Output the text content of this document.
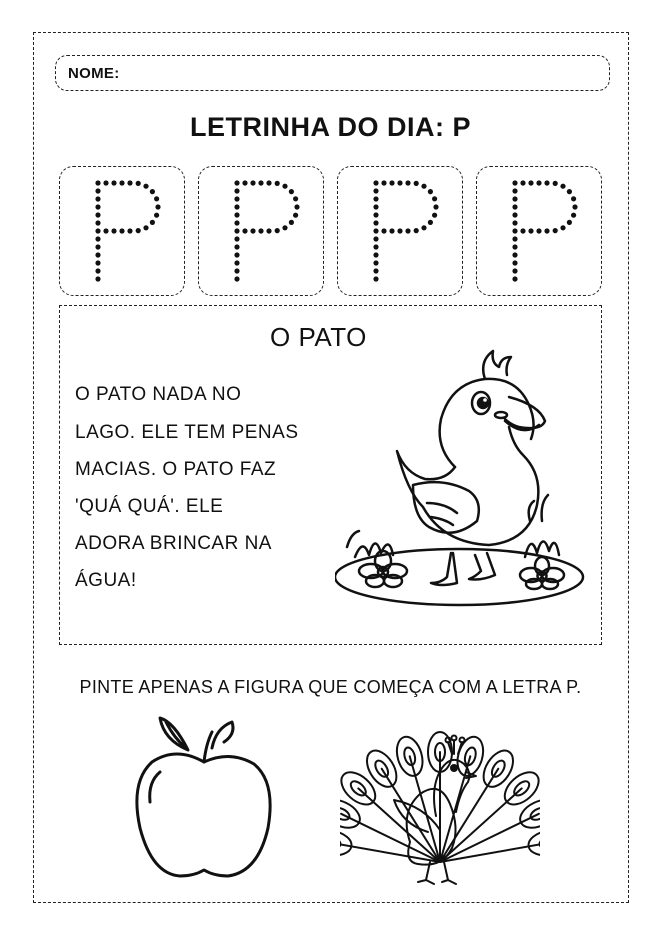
NOME:
LETRINHA DO DIA: P
O PATO
O PATO NADA NO
LAGO. ELE TEM PENAS
MACIAS. O PATO FAZ
'QUÁ QUÁ'. ELE
ADORA BRINCAR NA
ÁGUA!
PINTE APENAS A FIGURA QUE COMEÇA COM A LETRA P.
